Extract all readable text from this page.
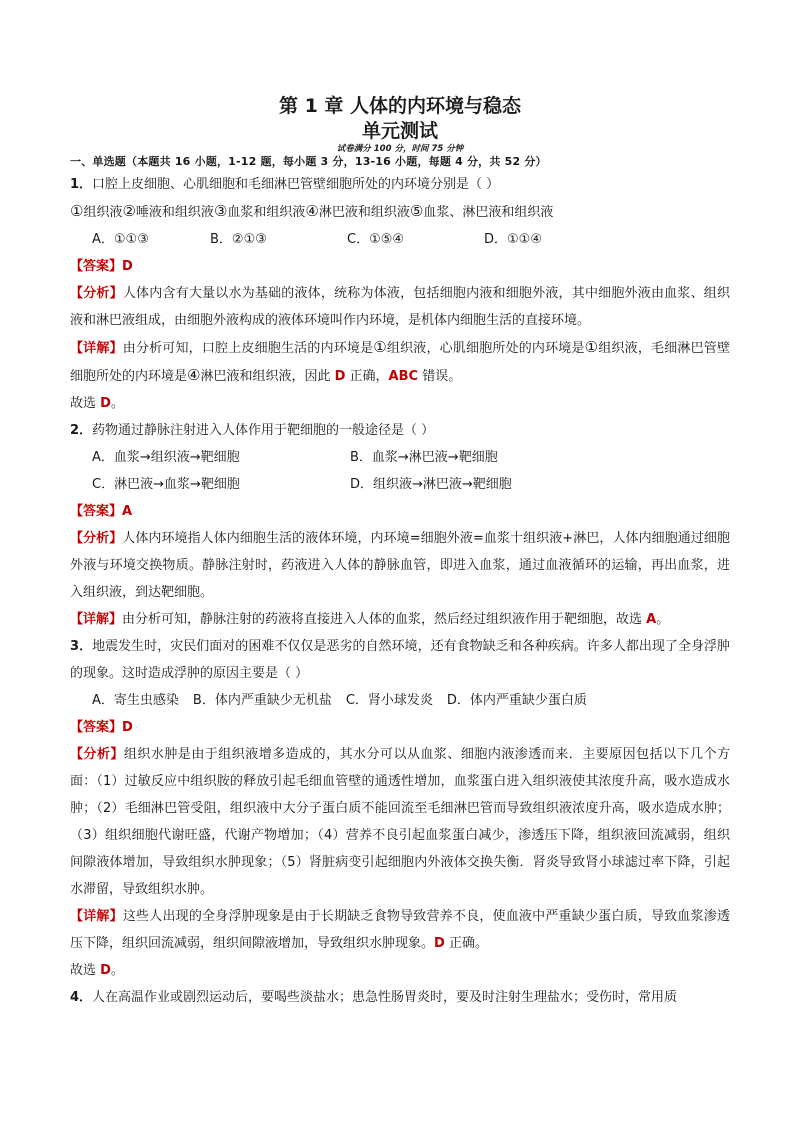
第 1 章 人体的内环境与稳态

单元测试

试卷满分 100 分，时间 75 分钟

一、单选题（本题共 16 小题，1-12 题，每小题 3 分，13-16 小题，每题 4 分，共 52 分）

1．口腔上皮细胞、心肌细胞和毛细淋巴管壁细胞所处的内环境分别是（ ）

①组织液②唾液和组织液③血浆和组织液④淋巴液和组织液⑤血浆、淋巴液和组织液

A．①①③	B．②①③	C．①⑤④	D．①①④

【答案】D

【分析】人体内含有大量以水为基础的液体，统称为体液，包括细胞内液和细胞外液，其中细胞外液由血浆、组织液和淋巴液组成，由细胞外液构成的液体环境叫作内环境，是机体内细胞生活的直接环境。

【详解】由分析可知，口腔上皮细胞生活的内环境是①组织液，心肌细胞所处的内环境是①组织液，毛细淋巴管壁细胞所处的内环境是④淋巴液和组织液，因此 D 正确，ABC 错误。

故选 D。

2．药物通过静脉注射进入人体作用于靶细胞的一般途径是（ ）

A．血浆→组织液→靶细胞	B．血浆→淋巴液→靶细胞
C．淋巴液→血浆→靶细胞	D．组织液→淋巴液→靶细胞

【答案】A

【分析】人体内环境指人体内细胞生活的液体环境，内环境=细胞外液=血浆十组织液+淋巴，人体内细胞通过细胞外液与环境交换物质。静脉注射时，药液进入人体的静脉血管，即进入血浆，通过血液循环的运输，再出血浆，进入组织液，到达靶细胞。

【详解】由分析可知，静脉注射的药液将直接进入人体的血浆，然后经过组织液作用于靶细胞，故选 A。

3．地震发生时，灾民们面对的困难不仅仅是恶劣的自然环境，还有食物缺乏和各种疾病。许多人都出现了全身浮肿的现象。这时造成浮肿的原因主要是（ ）

A．寄生虫感染 B．体内严重缺少无机盐 C．肾小球发炎 D．体内严重缺少蛋白质

【答案】D

【分析】组织水肿是由于组织液增多造成的，其水分可以从血浆、细胞内液渗透而来．主要原因包括以下几个方面：（1）过敏反应中组织胺的释放引起毛细血管壁的通透性增加，血浆蛋白进入组织液使其浓度升高，吸水造成水肿；（2）毛细淋巴管受阻，组织液中大分子蛋白质不能回流至毛细淋巴管而导致组织液浓度升高，吸水造成水肿；（3）组织细胞代谢旺盛，代谢产物增加；（4）营养不良引起血浆蛋白减少，渗透压下降，组织液回流减弱，组织间隙液体增加，导致组织水肿现象；（5）肾脏病变引起细胞内外液体交换失衡．肾炎导致肾小球滤过率下降，引起水滞留，导致组织水肿。

【详解】这些人出现的全身浮肿现象是由于长期缺乏食物导致营养不良，使血液中严重缺少蛋白质，导致血浆渗透压下降，组织回流减弱，组织间隙液增加，导致组织水肿现象。D 正确。

故选 D。

4．人在高温作业或剧烈运动后，要喝些淡盐水；患急性肠胃炎时，要及时注射生理盐水；受伤时，常用质
